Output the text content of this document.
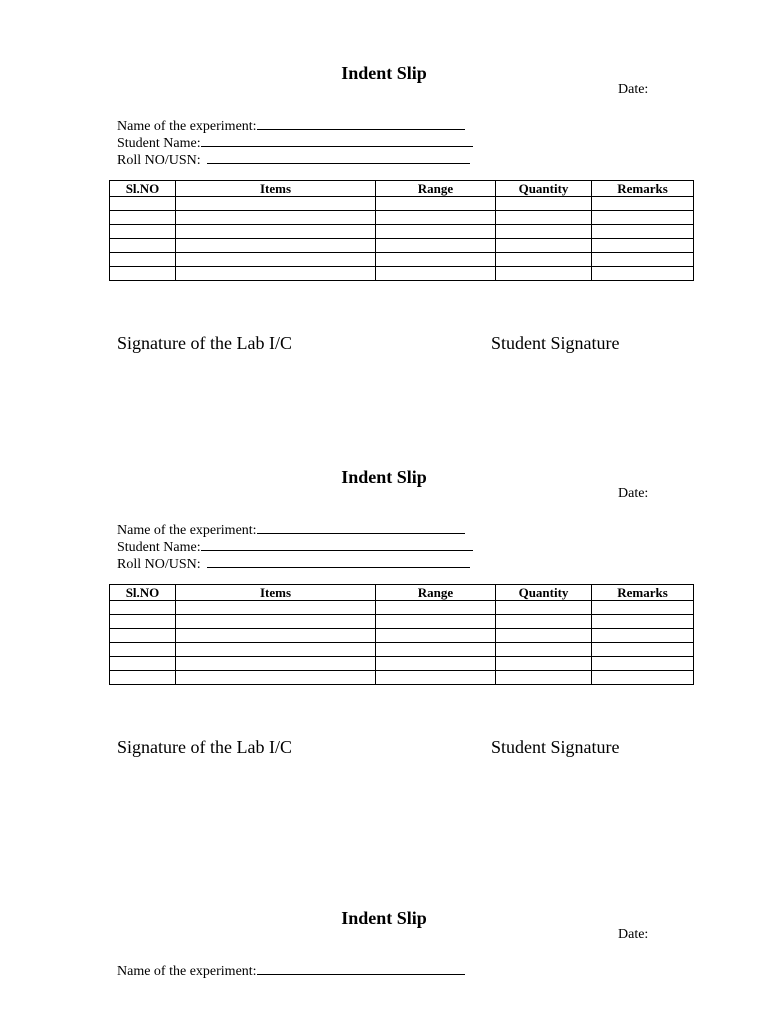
Indent Slip
Date:
Name of the experiment:
Student Name:
Roll NO/USN:
Sl.NO	Items	Range	Quantity	Remarks

Signature of the Lab I/C	Student Signature
Indent Slip
Date:
Name of the experiment:
Student Name:
Roll NO/USN:
Sl.NO	Items	Range	Quantity	Remarks

Signature of the Lab I/C	Student Signature
Indent Slip
Date:
Name of the experiment:
